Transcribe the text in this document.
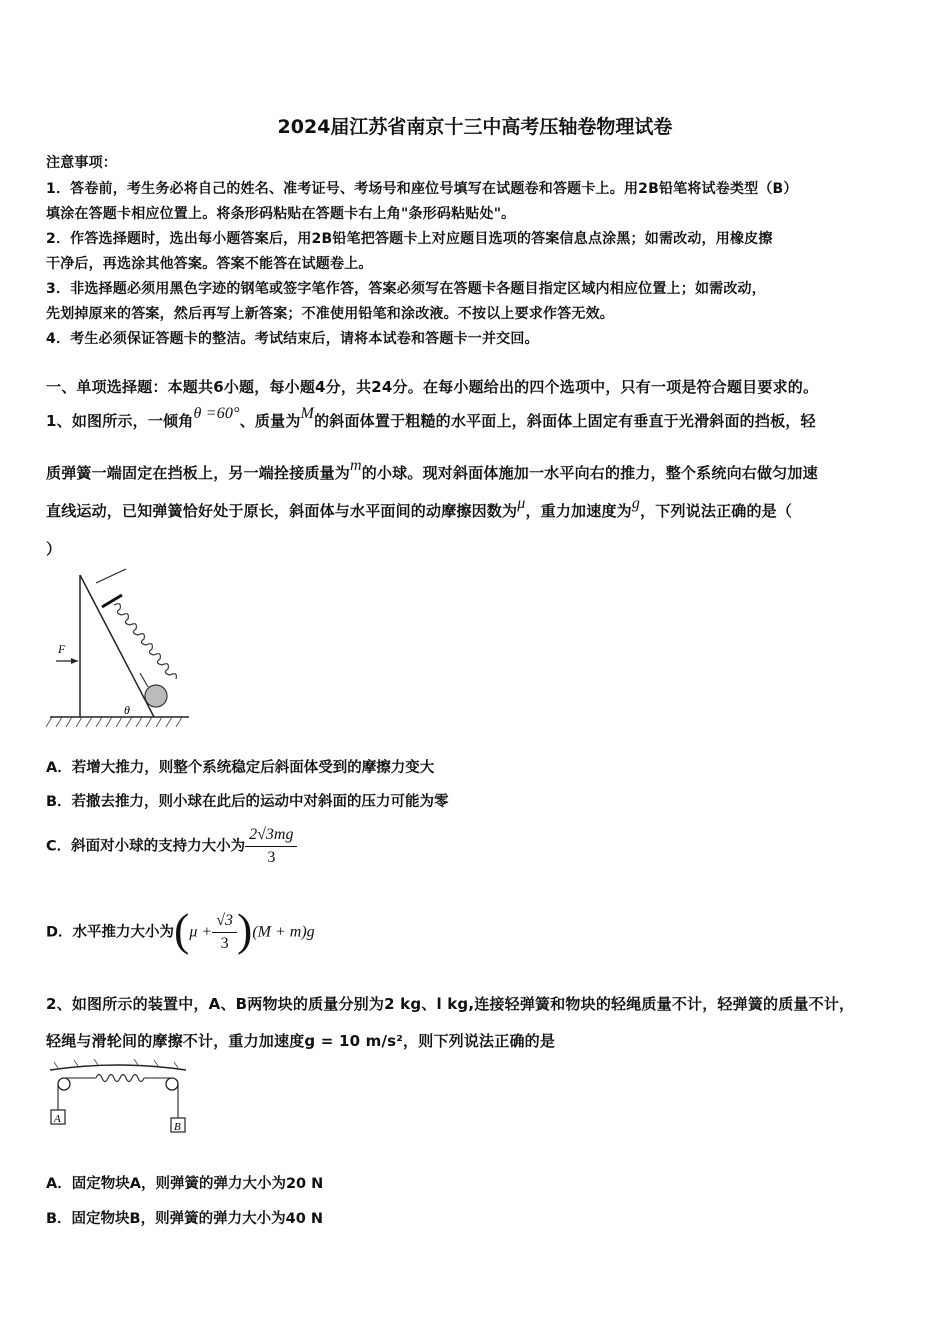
2024届江苏省南京十三中高考压轴卷物理试卷
注意事项：
1．答卷前，考生务必将自己的姓名、准考证号、考场号和座位号填写在试题卷和答题卡上。用2B铅笔将试卷类型（B）
填涂在答题卡相应位置上。将条形码粘贴在答题卡右上角"条形码粘贴处"。
2．作答选择题时，选出每小题答案后，用2B铅笔把答题卡上对应题目选项的答案信息点涂黑；如需改动，用橡皮擦
干净后，再选涂其他答案。答案不能答在试题卷上。
3．非选择题必须用黑色字迹的钢笔或签字笔作答，答案必须写在答题卡各题目指定区域内相应位置上；如需改动，
先划掉原来的答案，然后再写上新答案；不准使用铅笔和涂改液。不按以上要求作答无效。
4．考生必须保证答题卡的整洁。考试结束后，请将本试卷和答题卡一并交回。
一、单项选择题：本题共6小题，每小题4分，共24分。在每小题给出的四个选项中，只有一项是符合题目要求的。
1、如图所示，一倾角θ =60°、质量为M的斜面体置于粗糙的水平面上，斜面体上固定有垂直于光滑斜面的挡板，轻
质弹簧一端固定在挡板上，另一端拴接质量为m的小球。现对斜面体施加一水平向右的推力，整个系统向右做匀加速
直线运动，已知弹簧恰好处于原长，斜面体与水平面间的动摩擦因数为μ，重力加速度为g，下列说法正确的是（
）
F
θ
A．若增大推力，则整个系统稳定后斜面体受到的摩擦力变大
B．若撤去推力，则小球在此后的运动中对斜面的压力可能为零
C．斜面对小球的支持力大小为 $\frac{2√3mg}{3}$
D．水平推力大小为$(\mu + \frac{√3}{3} )(M + m)g$
2、如图所示的装置中，A、B两物块的质量分别为2 kg、l kg,连接轻弹簧和物块的轻绳质量不计，轻弹簧的质量不计，
轻绳与滑轮间的摩擦不计，重力加速度g = 10 m/s²，则下列说法正确的是
A
B
A．固定物块A，则弹簧的弹力大小为20 N
B．固定物块B，则弹簧的弹力大小为40 N
